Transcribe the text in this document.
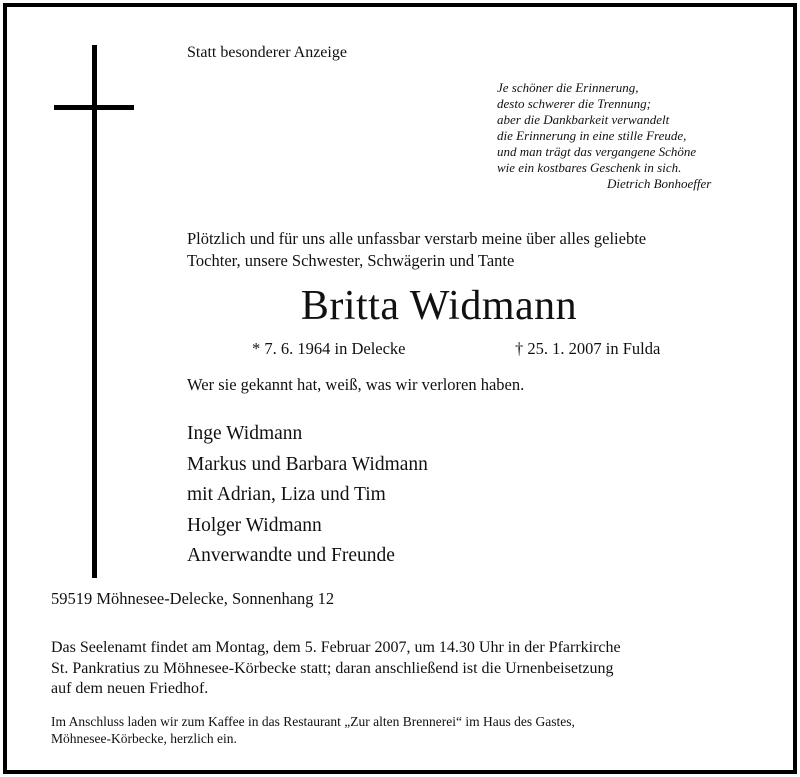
Statt besonderer Anzeige
Je schöner die Erinnerung,
desto schwerer die Trennung;
aber die Dankbarkeit verwandelt
die Erinnerung in eine stille Freude,
und man trägt das vergangene Schöne
wie ein kostbares Geschenk in sich.
Dietrich Bonhoeffer
Plötzlich und für uns alle unfassbar verstarb meine über alles geliebte
Tochter, unsere Schwester, Schwägerin und Tante
Britta Widmann
* 7. 6. 1964 in Delecke	† 25. 1. 2007 in Fulda
Wer sie gekannt hat, weiß, was wir verloren haben.
Inge Widmann
Markus und Barbara Widmann
mit Adrian, Liza und Tim
Holger Widmann
Anverwandte und Freunde
59519 Möhnesee-Delecke, Sonnenhang 12
Das Seelenamt findet am Montag, dem 5. Februar 2007, um 14.30 Uhr in der Pfarrkirche
St. Pankratius zu Möhnesee-Körbecke statt; daran anschließend ist die Urnenbeisetzung
auf dem neuen Friedhof.
Im Anschluss laden wir zum Kaffee in das Restaurant „Zur alten Brennerei“ im Haus des Gastes,
Möhnesee-Körbecke, herzlich ein.
